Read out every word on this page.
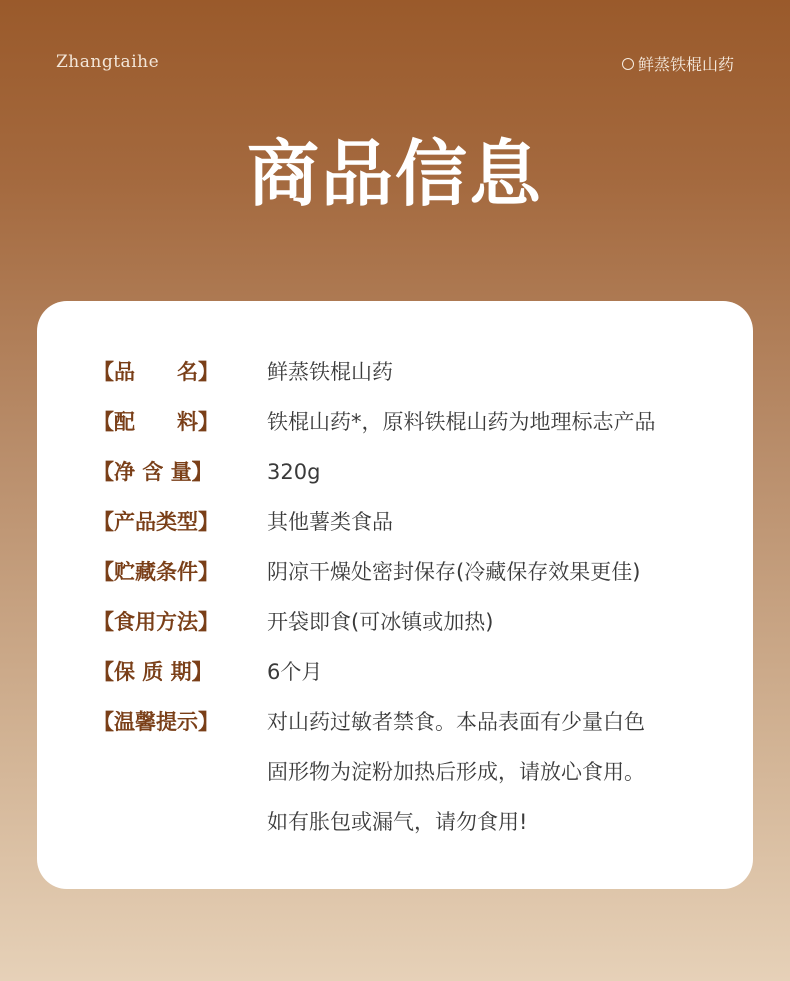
Zhangtaihe	鲜蒸铁棍山药
商品信息
【品　　名】	鲜蒸铁棍山药
【配　　料】	铁棍山药*，原料铁棍山药为地理标志产品
【净 含 量】	320g
【产品类型】	其他薯类食品
【贮藏条件】	阴凉干燥处密封保存(冷藏保存效果更佳)
【食用方法】	开袋即食(可冰镇或加热)
【保 质 期】	6个月
【温馨提示】	对山药过敏者禁食。本品表面有少量白色
固形物为淀粉加热后形成，请放心食用。
如有胀包或漏气，请勿食用!
